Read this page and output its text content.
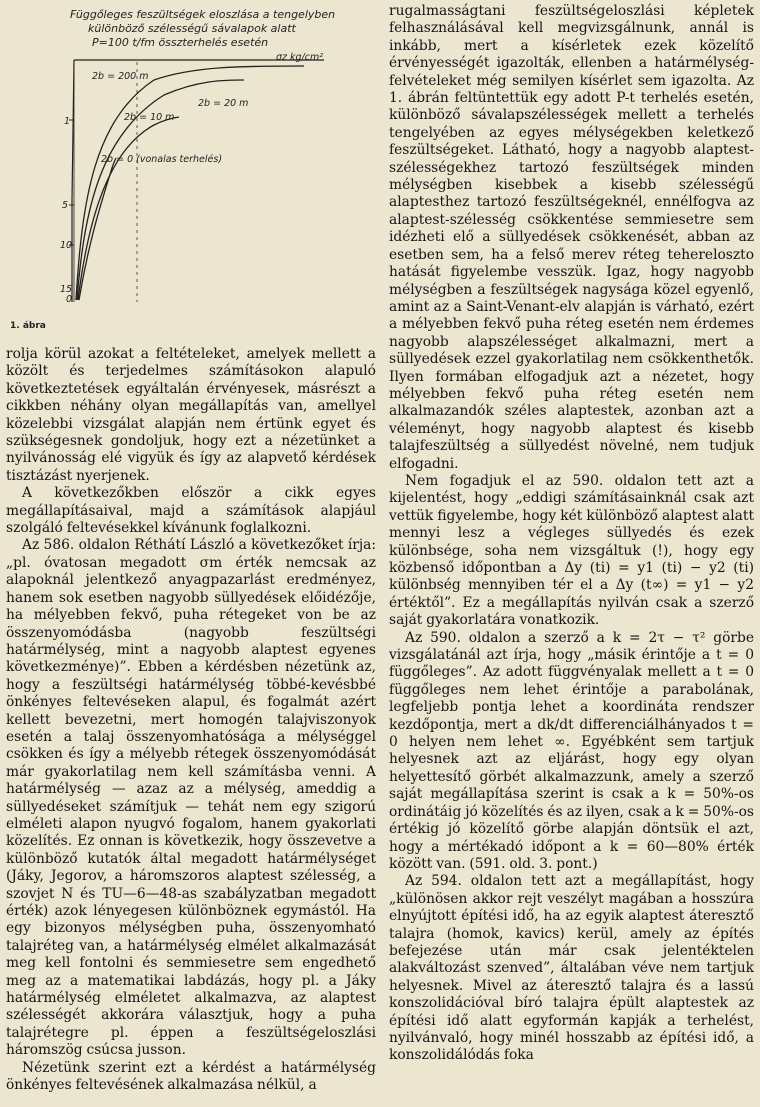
Függőleges feszültségek eloszlása a tengelyben
különböző szélességű sávalapok alatt
P=100 t/fm összterhelés esetén
σz kg/cm²
1
5
10
15
0
2b = 200 m
2b = 20 m
2b = 10 m
2b = 0 (vonalas terhelés)
1. ábra

rolja körül azokat a feltételeket, amelyek mellett a közölt és terjedelmes számításokon alapuló következtetések egyáltalán érvényesek, másrészt a cikkben néhány olyan megállapítás van, amellyel közelebbi vizsgálat alapján nem értünk egyet és szükségesnek gondoljuk, hogy ezt a nézetünket a nyilvánosság elé vigyük és így az alapvető kérdések tisztázást nyerjenek.

A következőkben először a cikk egyes megállapításaival, majd a számítások alapjául szolgáló feltevésekkel kívánunk foglalkozni.

Az 586. oldalon Réthátí László a következőket írja: „pl. óvatosan megadott σm érték nemcsak az alapoknál jelentkező anyagpazarlást eredményez, hanem sok esetben nagyobb süllyedések előidézője, ha mélyebben fekvő, puha rétegeket von be az összenyomódásba (nagyobb feszültségi határmélység, mint a nagyobb alaptest egyenes következménye)”. Ebben a kérdésben nézetünk az, hogy a feszültségi határmélység többé-kevésbbé önkényes feltevéseken alapul, és fogalmát azért kellett bevezetni, mert homogén talajviszonyok esetén a talaj összenyomhatósága a mélységgel csökken és így a mélyebb rétegek összenyomódását már gyakorlatilag nem kell számításba venni. A határmélység — azaz az a mélység, ameddig a süllyedéseket számítjuk — tehát nem egy szigorú elméleti alapon nyugvó fogalom, hanem gyakorlati közelítés. Ez onnan is következik, hogy összevetve a különböző kutatók által megadott határmélységet (Jáky, Jegorov, a háromszoros alaptest szélesség, a szovjet N és TU—6—48-as szabályzatban megadott érték) azok lényegesen különböznek egymástól. Ha egy bizonyos mélységben puha, összenyomható talajréteg van, a határmélység elmélet alkalmazását meg kell fontolni és semmiesetre sem engedhető meg az a matematikai labdázás, hogy pl. a Jáky határmélység elméletet alkalmazva, az alaptest szélességét akkorára választjuk, hogy a puha talajrétegre pl. éppen a feszültségeloszlási háromszög csúcsa jusson.

Nézetünk szerint ezt a kérdést a határmélység önkényes feltevésének alkalmazása nélkül, a

rugalmasságtani feszültségeloszlási képletek felhasználásával kell megvizsgálnunk, annál is inkább, mert a kísérletek ezek közelítő érvényességét igazolták, ellenben a határmélység-felvételeket még semilyen kísérlet sem igazolta. Az 1. ábrán feltüntettük egy adott P-t terhelés esetén, különböző sávalapszélességek mellett a terhelés tengelyében az egyes mélységekben keletkező feszültségeket. Látható, hogy a nagyobb alaptest-szélességekhez tartozó feszültségek minden mélységben kisebbek a kisebb szélességű alaptesthez tartozó feszültségeknél, ennélfogva az alaptest-szélesség csökkentése semmiesetre sem idézheti elő a süllyedések csökkenését, abban az esetben sem, ha a felső merev réteg tehereloszto hatását figyelembe vesszük. Igaz, hogy nagyobb mélységben a feszültségek nagysága közel egyenlő, amint az a Saint-Venant-elv alapján is várható, ezért a mélyebben fekvő puha réteg esetén nem érdemes nagyobb alapszélességet alkalmazni, mert a süllyedések ezzel gyakorlatilag nem csökkenthetők. Ilyen formában elfogadjuk azt a nézetet, hogy mélyebben fekvő puha réteg esetén nem alkalmazandók széles alaptestek, azonban azt a véleményt, hogy nagyobb alaptest és kisebb talajfeszültség a süllyedést növelné, nem tudjuk elfogadni.

Nem fogadjuk el az 590. oldalon tett azt a kijelentést, hogy „eddigi számításainknál csak azt vettük figyelembe, hogy két különböző alaptest alatt mennyi lesz a végleges süllyedés és ezek különbsége, soha nem vizsgáltuk (!), hogy egy közbenső időpontban a Δy (ti) = y1 (ti) − y2 (ti) különbség mennyiben tér el a Δy (t∞) = y1 − y2 értéktől”. Ez a megállapítás nyilván csak a szerző saját gyakorlatára vonatkozik.

Az 590. oldalon a szerző a k = 2τ − τ² görbe vizsgálatánál azt írja, hogy „másik érintője a t = 0 függőleges”. Az adott függvényalak mellett a t = 0 függőleges nem lehet érintője a parabolának, legfeljebb pontja lehet a koordináta rendszer kezdőpontja, mert a dk/dt differenciálhányados t = 0 helyen nem lehet ∞. Egyébként sem tartjuk helyesnek azt az eljárást, hogy egy olyan helyettesítő görbét alkalmazzunk, amely a szerző saját megállapítása szerint is csak a k = 50%-os ordinátáig jó közelítés és az ilyen, csak a k = 50%-os értékig jó közelítő görbe alapján döntsük el azt, hogy a mértékadó időpont a k = 60—80% érték között van. (591. old. 3. pont.)

Az 594. oldalon tett azt a megállapítást, hogy „különösen akkor rejt veszélyt magában a hosszúra elnyújtott építési idő, ha az egyik alaptest áteresztő talajra (homok, kavics) kerül, amely az építés befejezése után már csak jelentéktelen alakváltozást szenved”, általában véve nem tartjuk helyesnek. Mivel az áteresztő talajra és a lassú konszolidációval bíró talajra épült alaptestek az építési idő alatt egyformán kapják a terhelést, nyilvánvaló, hogy minél hosszabb az építési idő, a konszolidálódás foka
